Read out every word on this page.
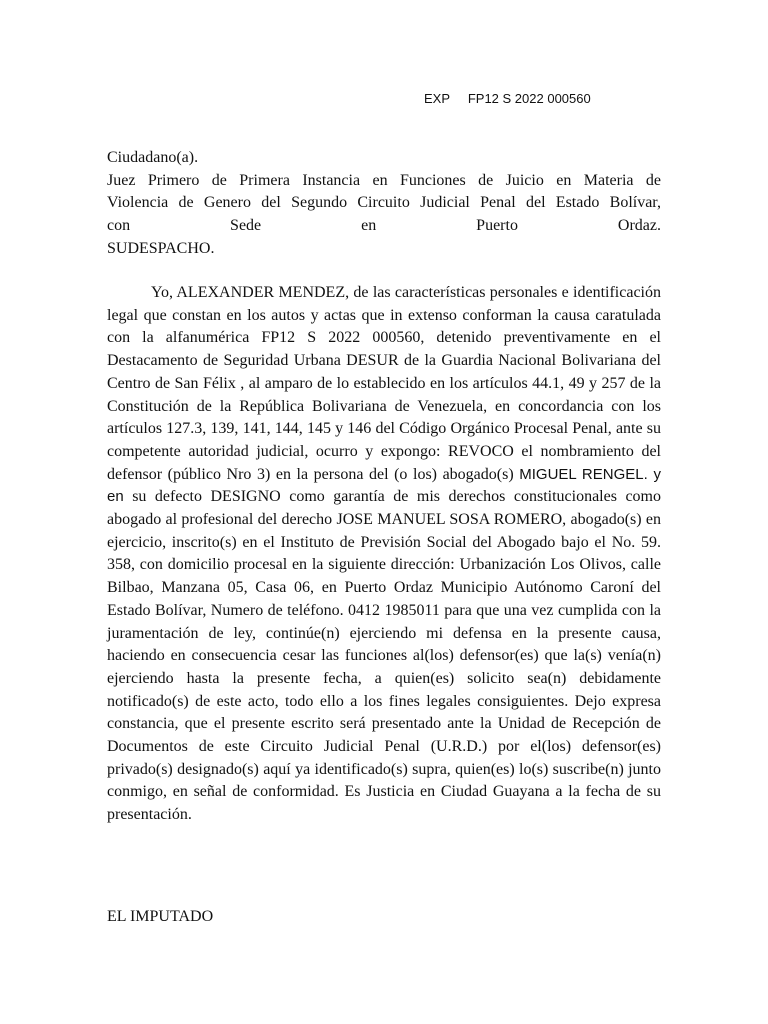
EXP FP12 S 2022 000560
Ciudadano(a).
Juez Primero de Primera Instancia en Funciones de Juicio en Materia de
Violencia de Genero del Segundo Circuito Judicial Penal del Estado Bolívar,
con Sede en Puerto Ordaz.
SUDESPACHO.
Yo, ALEXANDER MENDEZ, de las características personales e identificación legal que constan en los autos y actas que in extenso conforman la causa caratulada con la alfanumérica FP12 S 2022 000560, detenido preventivamente en el Destacamento de Seguridad Urbana DESUR de la Guardia Nacional Bolivariana del Centro de San Félix , al amparo de lo establecido en los artículos 44.1, 49 y 257 de la Constitución de la República Bolivariana de Venezuela, en concordancia con los artículos 127.3, 139, 141, 144, 145 y 146 del Código Orgánico Procesal Penal, ante su competente autoridad judicial, ocurro y expongo: REVOCO el nombramiento del defensor (público Nro 3) en la persona del (o los) abogado(s) MIGUEL RENGEL. y en su defecto DESIGNO como garantía de mis derechos constitucionales como abogado al profesional del derecho JOSE MANUEL SOSA ROMERO, abogado(s) en ejercicio, inscrito(s) en el Instituto de Previsión Social del Abogado bajo el No. 59. 358, con domicilio procesal en la siguiente dirección: Urbanización Los Olivos, calle Bilbao, Manzana 05, Casa 06, en Puerto Ordaz Municipio Autónomo Caroní del Estado Bolívar, Numero de teléfono. 0412 1985011 para que una vez cumplida con la juramentación de ley, continúe(n) ejerciendo mi defensa en la presente causa, haciendo en consecuencia cesar las funciones al(los) defensor(es) que la(s) venía(n) ejerciendo hasta la presente fecha, a quien(es) solicito sea(n) debidamente notificado(s) de este acto, todo ello a los fines legales consiguientes. Dejo expresa constancia, que el presente escrito será presentado ante la Unidad de Recepción de Documentos de este Circuito Judicial Penal (U.R.D.) por el(los) defensor(es) privado(s) designado(s) aquí ya identificado(s) supra, quien(es) lo(s) suscribe(n) junto conmigo, en señal de conformidad. Es Justicia en Ciudad Guayana a la fecha de su presentación.
EL IMPUTADO
